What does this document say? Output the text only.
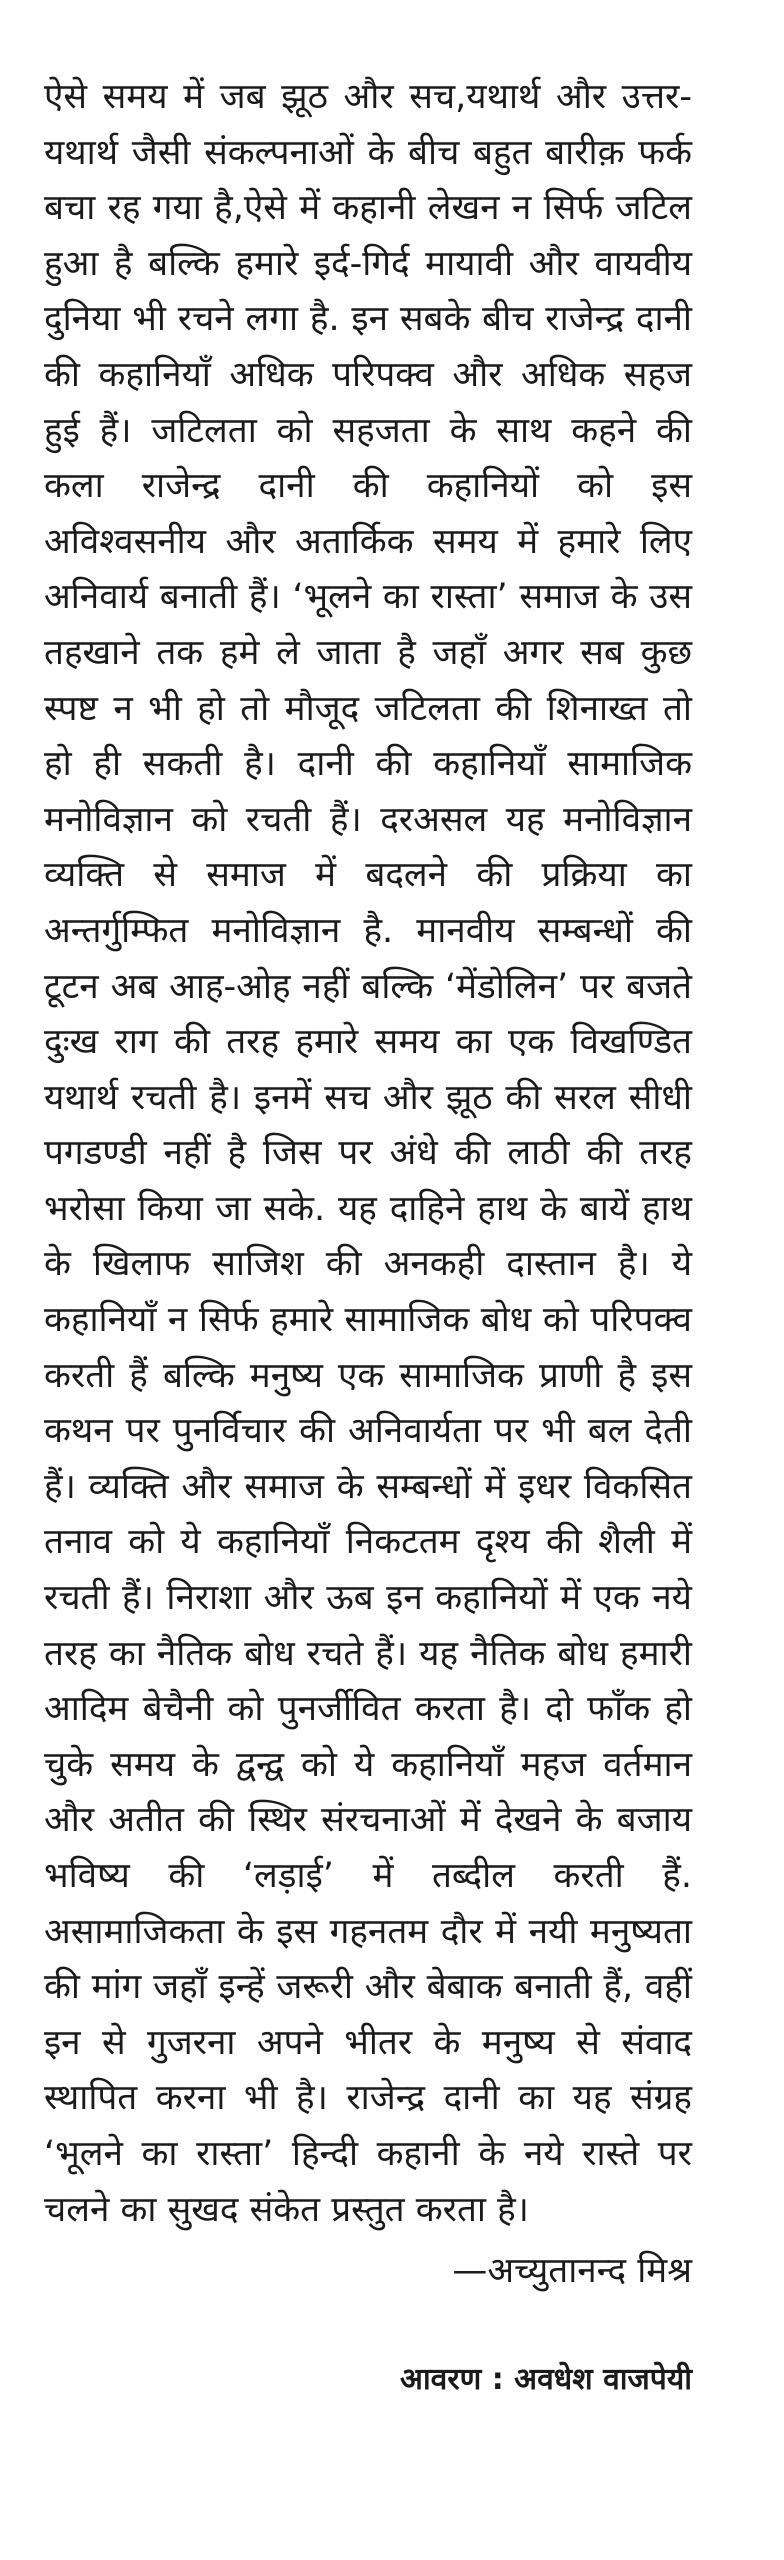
ऐसे समय में जब झूठ और सच,यथार्थ और उत्तर-यथार्थ जैसी संकल्पनाओं के बीच बहुत बारीक़ फर्क बचा रह गया है,ऐसे में कहानी लेखन न सिर्फ जटिल हुआ है बल्कि हमारे इर्द-गिर्द मायावी और वायवीय दुनिया भी रचने लगा है. इन सबके बीच राजेन्द्र दानी की कहानियाँ अधिक परिपक्व और अधिक सहज हुई हैं। जटिलता को सहजता के साथ कहने की कला राजेन्द्र दानी की कहानियों को इस अविश्वसनीय और अतार्किक समय में हमारे लिए अनिवार्य बनाती हैं। ‘भूलने का रास्ता’ समाज के उस तहखाने तक हमे ले जाता है जहाँ अगर सब कुछ स्पष्ट न भी हो तो मौजूद जटिलता की शिनाख्त तो हो ही सकती है। दानी की कहानियाँ सामाजिक मनोविज्ञान को रचती हैं। दरअसल यह मनोविज्ञान व्यक्ति से समाज में बदलने की प्रक्रिया का अन्तर्गुम्फित मनोविज्ञान है. मानवीय सम्बन्धों की टूटन अब आह-ओह नहीं बल्कि ‘मेंडोलिन’ पर बजते दुःख राग की तरह हमारे समय का एक विखण्डित यथार्थ रचती है। इनमें सच और झूठ की सरल सीधी पगडण्डी नहीं है जिस पर अंधे की लाठी की तरह भरोसा किया जा सके. यह दाहिने हाथ के बायें हाथ के खिलाफ साजिश की अनकही दास्तान है। ये कहानियाँ न सिर्फ हमारे सामाजिक बोध को परिपक्व करती हैं बल्कि मनुष्य एक सामाजिक प्राणी है इस कथन पर पुनर्विचार की अनिवार्यता पर भी बल देती हैं। व्यक्ति और समाज के सम्बन्धों में इधर विकसित तनाव को ये कहानियाँ निकटतम दृश्य की शैली में रचती हैं। निराशा और ऊब इन कहानियों में एक नये तरह का नैतिक बोध रचते हैं। यह नैतिक बोध हमारी आदिम बेचैनी को पुनर्जीवित करता है। दो फाँक हो चुके समय के द्वन्द्व को ये कहानियाँ महज वर्तमान और अतीत की स्थिर संरचनाओं में देखने के बजाय भविष्य की ‘लड़ाई’ में तब्दील करती हैं. असामाजिकता के इस गहनतम दौर में नयी मनुष्यता की मांग जहाँ इन्हें जरूरी और बेबाक बनाती हैं, वहीं इन से गुजरना अपने भीतर के मनुष्य से संवाद स्थापित करना भी है। राजेन्द्र दानी का यह संग्रह ‘भूलने का रास्ता’ हिन्दी कहानी के नये रास्ते पर चलने का सुखद संकेत प्रस्तुत करता है।

—अच्युतानन्द मिश्र
आवरण : अवधेश वाजपेयी
